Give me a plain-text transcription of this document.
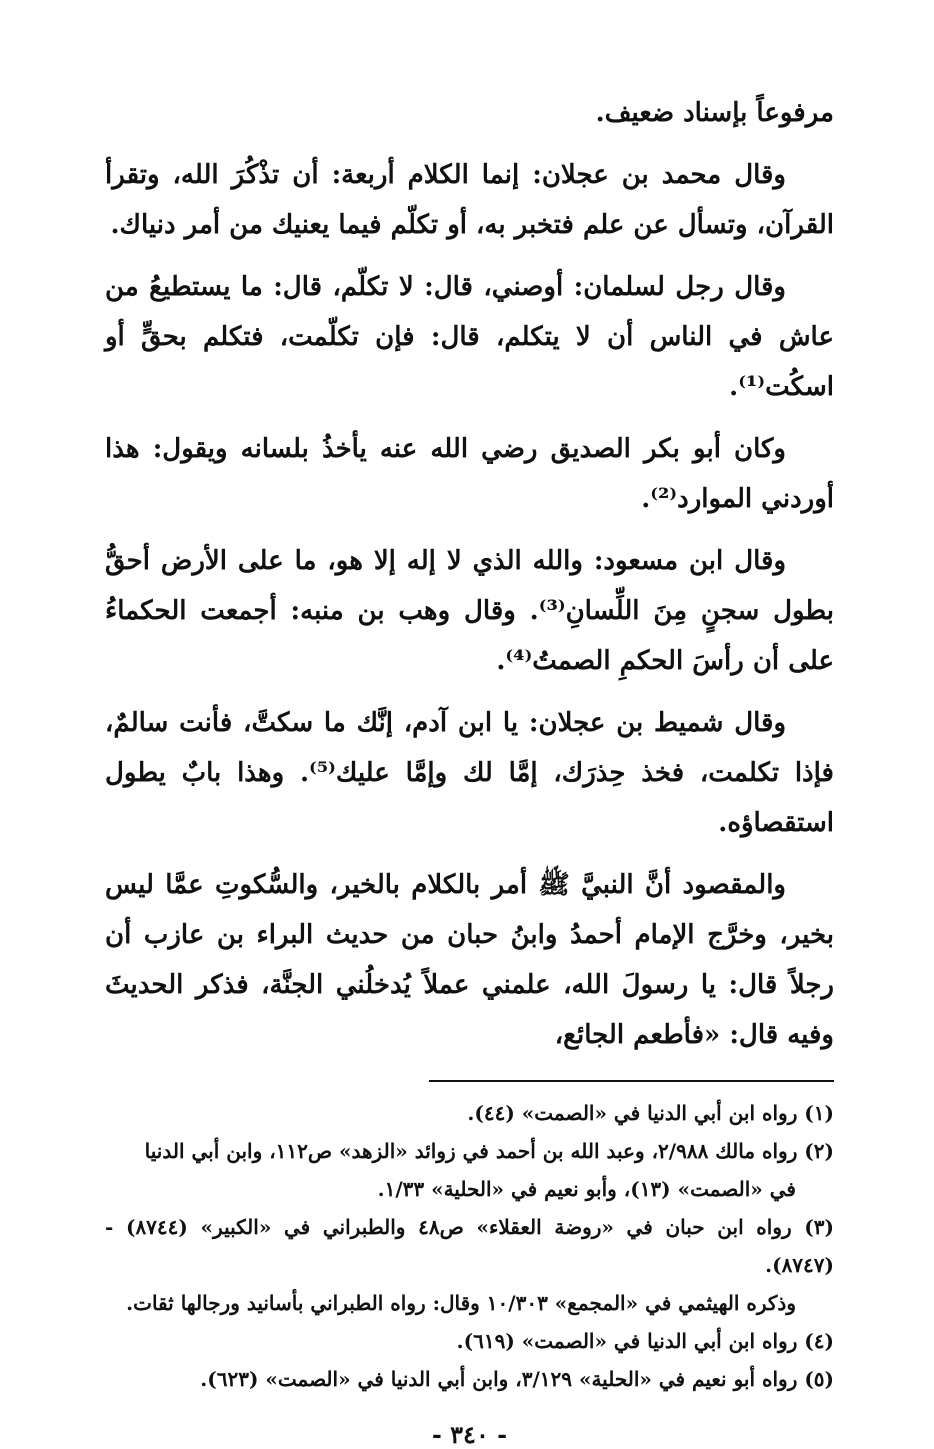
مرفوعاً بإسناد ضعيف.

وقال محمد بن عجلان: إنما الكلام أربعة: أن تذْكُرَ الله، وتقرأ القرآن، وتسأل عن علم فتخبر به، أو تكلّم فيما يعنيك من أمر دنياك.

وقال رجل لسلمان: أوصني، قال: لا تكلّم، قال: ما يستطيعُ من عاش في الناس أن لا يتكلم، قال: فإن تكلّمت، فتكلم بحقٍّ أو اسكُت⁽¹⁾.

وكان أبو بكر الصديق رضي الله عنه يأخذُ بلسانه ويقول: هذا أوردني الموارد⁽²⁾.

وقال ابن مسعود: والله الذي لا إله إلا هو، ما على الأرض أحقُّ بطول سجنٍ مِنَ اللِّسانِ⁽³⁾. وقال وهب بن منبه: أجمعت الحكماءُ على أن رأسَ الحكمِ الصمتُ⁽⁴⁾.

وقال شميط بن عجلان: يا ابن آدم، إنَّك ما سكتَّ، فأنت سالمٌ، فإذا تكلمت، فخذ حِذرَك، إمَّا لك وإمَّا عليك⁽⁵⁾. وهذا بابٌ يطول استقصاؤه.

والمقصود أنَّ النبيَّ ﷺ أمر بالكلام بالخير، والسُّكوتِ عمَّا ليس بخير، وخرَّج الإمام أحمدُ وابنُ حبان من حديث البراء بن عازب أن رجلاً قال: يا رسولَ الله، علمني عملاً يُدخلُني الجنَّة، فذكر الحديثَ وفيه قال: «فأطعم الجائع،

(١) رواه ابن أبي الدنيا في «الصمت» (٤٤).

(٢) رواه مالك ٢/٩٨٨، وعبد الله بن أحمد في زوائد «الزهد» ص١١٢، وابن أبي الدنيا

في «الصمت» (١٣)، وأبو نعيم في «الحلية» ١/٣٣.

(٣) رواه ابن حبان في «روضة العقلاء» ص٤٨ والطبراني في «الكبير» (٨٧٤٤) - (٨٧٤٧).

وذكره الهيثمي في «المجمع» ١٠/٣٠٣ وقال: رواه الطبراني بأسانيد ورجالها ثقات.

(٤) رواه ابن أبي الدنيا في «الصمت» (٦١٩).

(٥) رواه أبو نعيم في «الحلية» ٣/١٢٩، وابن أبي الدنيا في «الصمت» (٦٢٣).

- ٣٤٠ -
